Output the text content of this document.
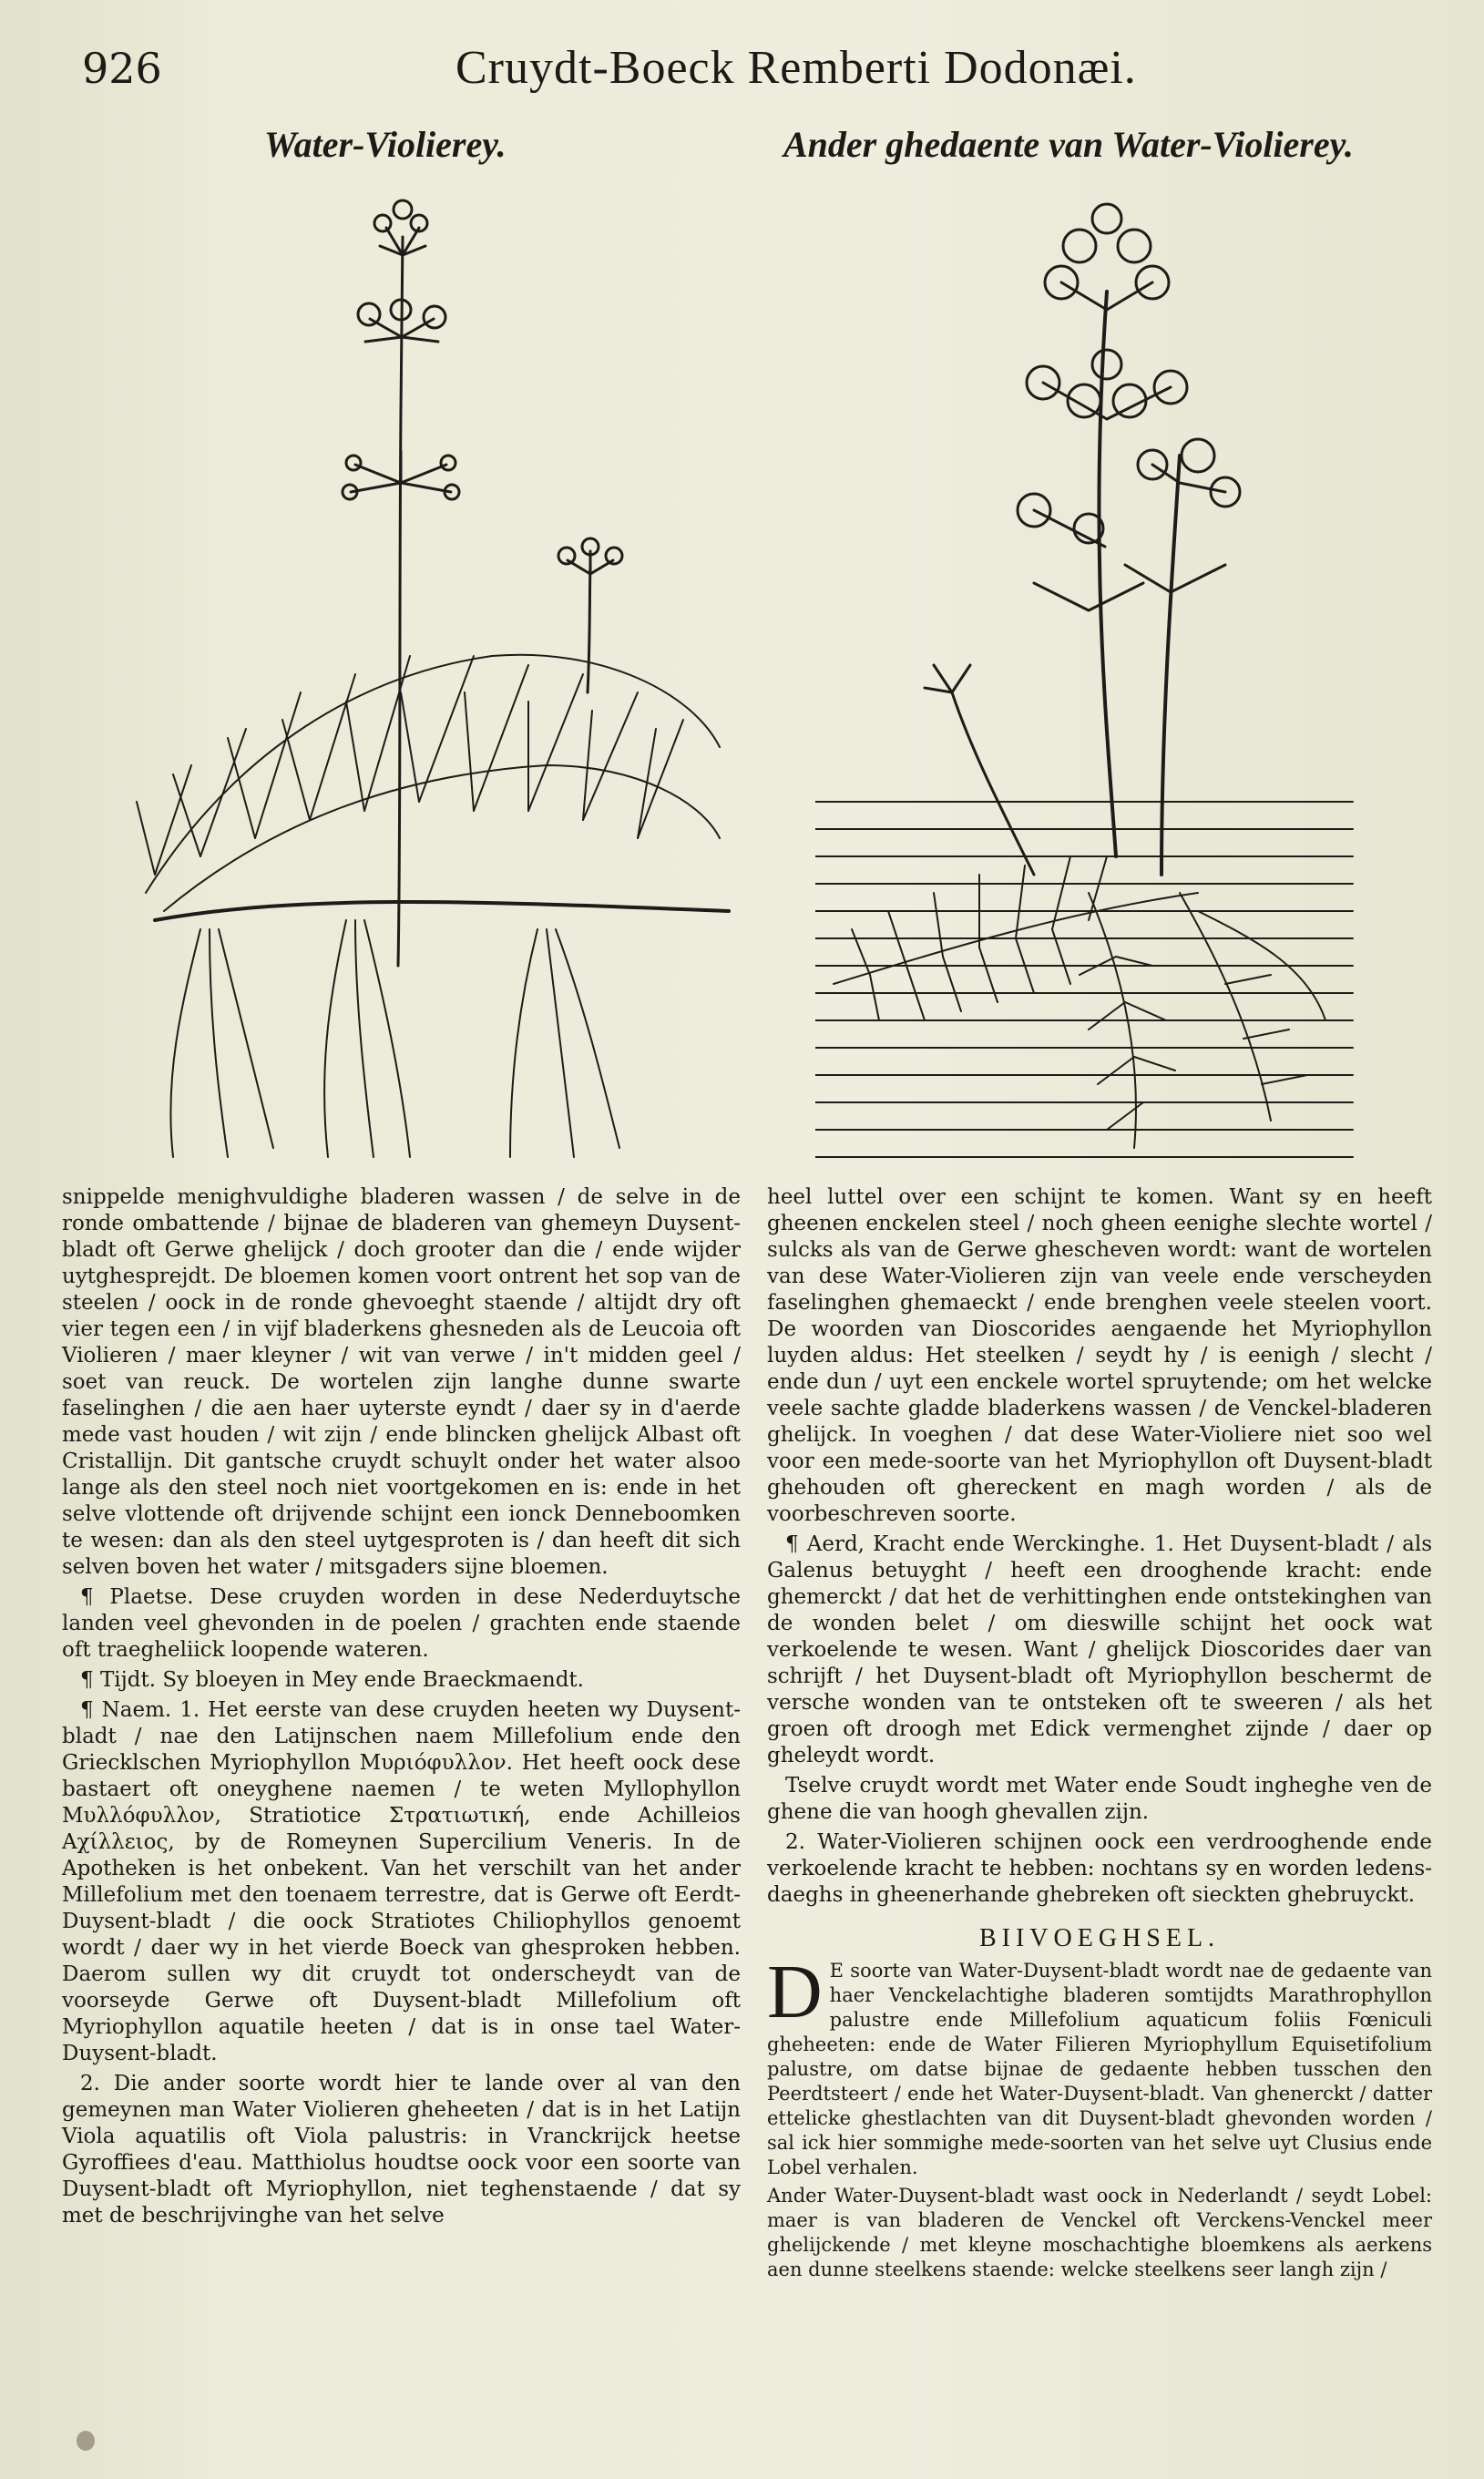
926	Cruydt-Boeck Remberti Dodonæi.
Water-Violierey.	Ander ghedaente van Water-Violierey.

snippelde menighvuldighe bladeren wassen / de selve in de ronde ombattende / bijnae de bladeren van ghemeyn Duysent-bladt oft Gerwe ghelijck / doch grooter dan die / ende wijder uytghesprejdt. De bloemen komen voort ontrent het sop van de steelen / oock in de ronde ghevoeght staende / altijdt dry oft vier tegen een / in vijf bladerkens ghesneden als de Leucoia oft Violieren / maer kleyner / wit van verwe / in't midden geel / soet van reuck. De wortelen zijn langhe dunne swarte faselinghen / die aen haer uyterste eyndt / daer sy in d'aerde mede vast houden / wit zijn / ende blincken ghelijck Albast oft Cristallijn. Dit gantsche cruydt schuylt onder het water alsoo lange als den steel noch niet voortgekomen en is: ende in het selve vlottende oft drijvende schijnt een ionck Denneboomken te wesen: dan als den steel uytgesproten is / dan heeft dit sich selven boven het water / mitsgaders sijne bloemen.

¶ Plaetse. Dese cruyden worden in dese Nederduytsche landen veel ghevonden in de poelen / grachten ende staende oft traegheliick loopende wateren.

¶ Tijdt. Sy bloeyen in Mey ende Braeckmaendt.

¶ Naem. 1. Het eerste van dese cruyden heeten wy Duysent-bladt / nae den Latijnschen naem Millefolium ende den Griecklschen Myriophyllon Μυριόφυλλον. Het heeft oock dese bastaert oft oneyghene naemen / te weten Myllophyllon Μυλλόφυλλον, Stratiotice Στρατιωτική, ende Achilleios Αχίλλειος, by de Romeynen Supercilium Veneris. In de Apotheken is het onbekent. Van het verschilt van het ander Millefolium met den toenaem terrestre, dat is Gerwe oft Eerdt-Duysent-bladt / die oock Stratiotes Chiliophyllos genoemt wordt / daer wy in het vierde Boeck van ghesproken hebben. Daerom sullen wy dit cruydt tot onderscheydt van de voorseyde Gerwe oft Duysent-bladt Millefolium oft Myriophyllon aquatile heeten / dat is in onse tael Water-Duysent-bladt.

2. Die ander soorte wordt hier te lande over al van den gemeynen man Water Violieren gheheeten / dat is in het Latijn Viola aquatilis oft Viola palustris: in Vranckrijck heetse Gyroffiees d'eau. Matthiolus houdtse oock voor een soorte van Duysent-bladt oft Myriophyllon, niet teghenstaende / dat sy met de beschrijvinghe van het selve

heel luttel over een schijnt te komen. Want sy en heeft gheenen enckelen steel / noch gheen eenighe slechte wortel / sulcks als van de Gerwe ghescheven wordt: want de wortelen van dese Water-Violieren zijn van veele ende verscheyden faselinghen ghemaeckt / ende brenghen veele steelen voort. De woorden van Dioscorides aengaende het Myriophyllon luyden aldus: Het steelken / seydt hy / is eenigh / slecht / ende dun / uyt een enckele wortel spruytende; om het welcke veele sachte gladde bladerkens wassen / de Venckel-bladeren ghelijck. In voeghen / dat dese Water-Violiere niet soo wel voor een mede-soorte van het Myriophyllon oft Duysent-bladt ghehouden oft ghereckent en magh worden / als de voorbeschreven soorte.

¶ Aerd, Kracht ende Werckinghe. 1. Het Duysent-bladt / als Galenus betuyght / heeft een drooghende kracht: ende ghemerckt / dat het de verhittinghen ende ontstekinghen van de wonden belet / om dieswille schijnt het oock wat verkoelende te wesen. Want / ghelijck Dioscorides daer van schrijft / het Duysent-bladt oft Myriophyllon beschermt de versche wonden van te ontsteken oft te sweeren / als het groen oft droogh met Edick vermenghet zijnde / daer op gheleydt wordt.

Tselve cruydt wordt met Water ende Soudt ingheghe ven de ghene die van hoogh ghevallen zijn.

2. Water-Violieren schijnen oock een verdrooghende ende verkoelende kracht te hebben: nochtans sy en worden ledens-daeghs in gheenerhande ghebreken oft sieckten ghebruyckt.

BIIVOEGHSEL.

D E soorte van Water-Duysent-bladt wordt nae de gedaente van haer Venckelachtighe bladeren somtijdts Marathrophyllon palustre ende Millefolium aquaticum foliis Fœniculi gheheeten: ende de Water Filieren Myriophyllum Equisetifolium palustre, om datse bijnae de gedaente hebben tusschen den Peerdtsteert / ende het Water-Duysent-bladt. Van ghenerckt / datter ettelicke ghestlachten van dit Duysent-bladt ghevonden worden / sal ick hier sommighe mede-soorten van het selve uyt Clusius ende Lobel verhalen.

Ander Water-Duysent-bladt wast oock in Nederlandt / seydt Lobel: maer is van bladeren de Venckel oft Verckens-Venckel meer ghelijckende / met kleyne moschachtighe bloemkens als aerkens aen dunne steelkens staende: welcke steelkens seer langh zijn /
